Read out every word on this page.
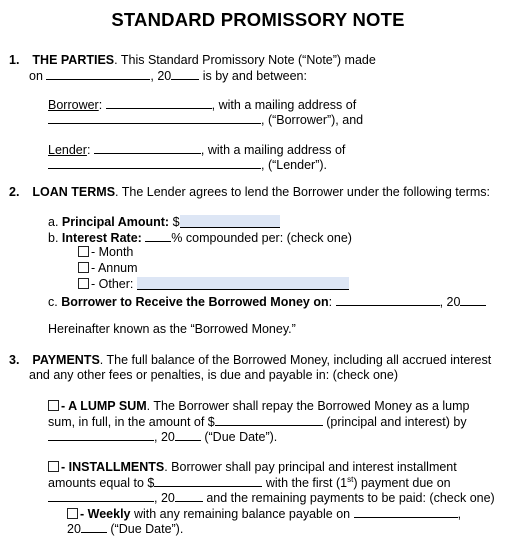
STANDARD PROMISSORY NOTE
1. THE PARTIES. This Standard Promissory Note (“Note”) made
on	, 20	is by and between:
Borrower:	, with a mailing address of
, (“Borrower”), and
Lender:	, with a mailing address of
, (“Lender”).
2. LOAN TERMS. The Lender agrees to lend the Borrower under the following terms:
a. Principal Amount: $
b. Interest Rate: % compounded per: (check one)
- Month
- Annum
- Other:
c. Borrower to Receive the Borrowed Money on:	, 20
Hereinafter known as the “Borrowed Money.”
3. PAYMENTS. The full balance of the Borrowed Money, including all accrued interest
and any other fees or penalties, is due and payable in: (check one)
- A LUMP SUM. The Borrower shall repay the Borrowed Money as a lump
sum, in full, in the amount of $	(principal and interest) by
, 20 (“Due Date”).
- INSTALLMENTS. Borrower shall pay principal and interest installment
amounts equal to $	with the first (1st) payment due on
, 20	and the remaining payments to be paid: (check one)
- Weekly with any remaining balance payable on	,
20 (“Due Date”).
